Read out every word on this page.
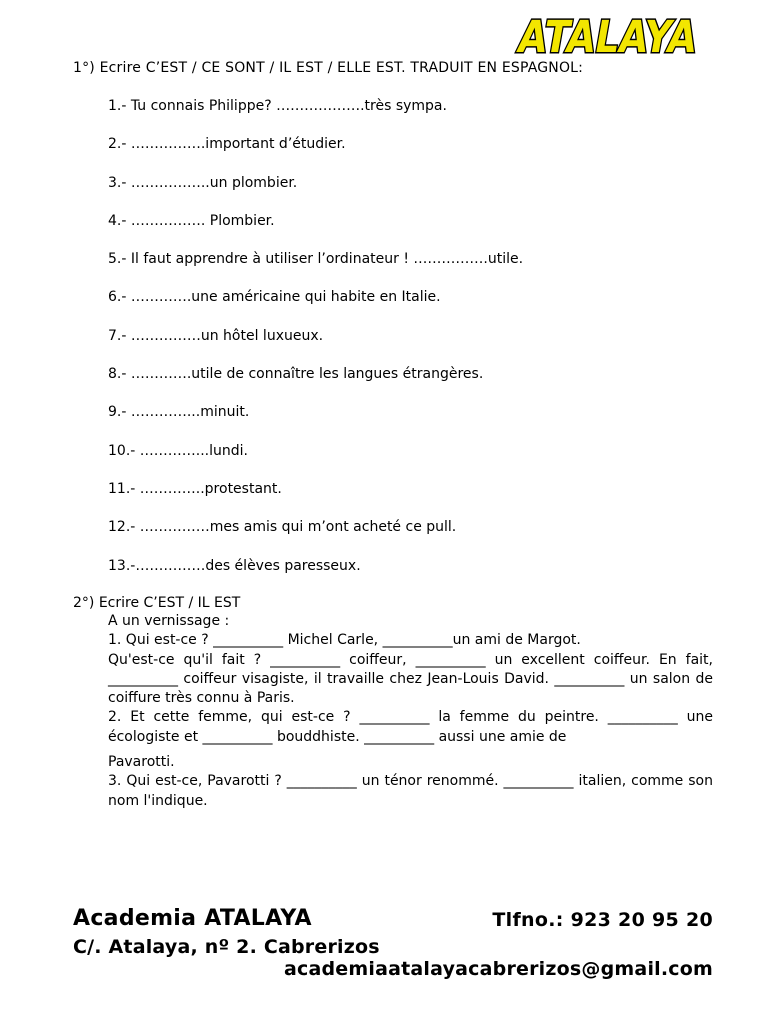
ATALAYA
1°) Ecrire C’EST / CE SONT / IL EST / ELLE EST. TRADUIT EN ESPAGNOL:
1.- Tu connais Philippe? ……………….très sympa.
2.- …………….important d’étudier.
3.- ……………..un plombier.
4.- ……………. Plombier.
5.- Il faut apprendre à utiliser l’ordinateur ! …………….utile.
6.- ………….une américaine qui habite en Italie.
7.- ……………un hôtel luxueux.
8.- ………….utile de connaître les langues étrangères.
9.- …………...minuit.
10.- …………...lundi.
11.- …………..protestant.
12.- ……………mes amis qui m’ont acheté ce pull.
13.-……………des élèves paresseux.
2°) Ecrire C’EST / IL EST

A un vernissage :

1. Qui est-ce ? __________ Michel Carle, __________un ami de Margot.

Qu'est-ce qu'il fait ? __________ coiffeur, __________ un excellent coiffeur. En fait, __________ coiffeur visagiste, il travaille chez Jean-Louis David. __________ un salon de coiffure très connu à Paris.

2. Et cette femme, qui est-ce ? __________ la femme du peintre. __________ une écologiste et __________ bouddhiste. __________ aussi une amie de

Pavarotti.

3. Qui est-ce, Pavarotti ? __________ un ténor renommé. __________ italien, comme son nom l'indique.

Academia ATALAYA	Tlfno.: 923 20 95 20
C/. Atalaya, nº 2. Cabrerizos
academiaatalayacabrerizos@gmail.com
